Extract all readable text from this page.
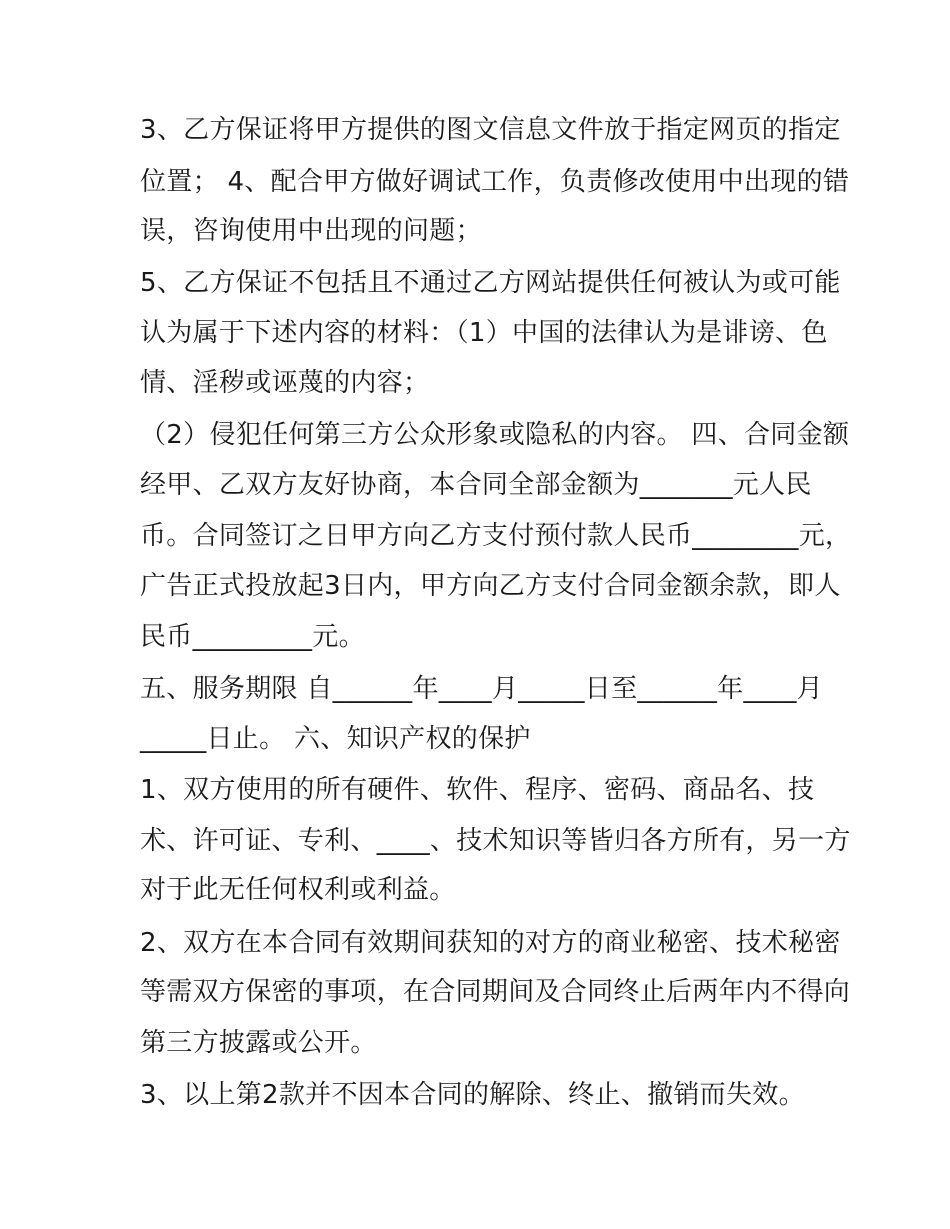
3、乙方保证将甲方提供的图文信息文件放于指定网页的指定
位置； 4、配合甲方做好调试工作，负责修改使用中出现的错
误，咨询使用中出现的问题；
5、乙方保证不包括且不通过乙方网站提供任何被认为或可能
认为属于下述内容的材料：（1）中国的法律认为是诽谤、色
情、淫秽或诬蔑的内容；
（2）侵犯任何第三方公众形象或隐私的内容。 四、合同金额
经甲、乙双方友好协商，本合同全部金额为_______元人民
币。合同签订之日甲方向乙方支付预付款人民币________元，
广告正式投放起3日内，甲方向乙方支付合同金额余款，即人
民币_________元。
五、服务期限 自______年____月_____日至______年____月
_____日止。 六、知识产权的保护
1、双方使用的所有硬件、软件、程序、密码、商品名、技
术、许可证、专利、____、技术知识等皆归各方所有，另一方
对于此无任何权利或利益。
2、双方在本合同有效期间获知的对方的商业秘密、技术秘密
等需双方保密的事项，在合同期间及合同终止后两年内不得向
第三方披露或公开。
3、以上第2款并不因本合同的解除、终止、撤销而失效。
